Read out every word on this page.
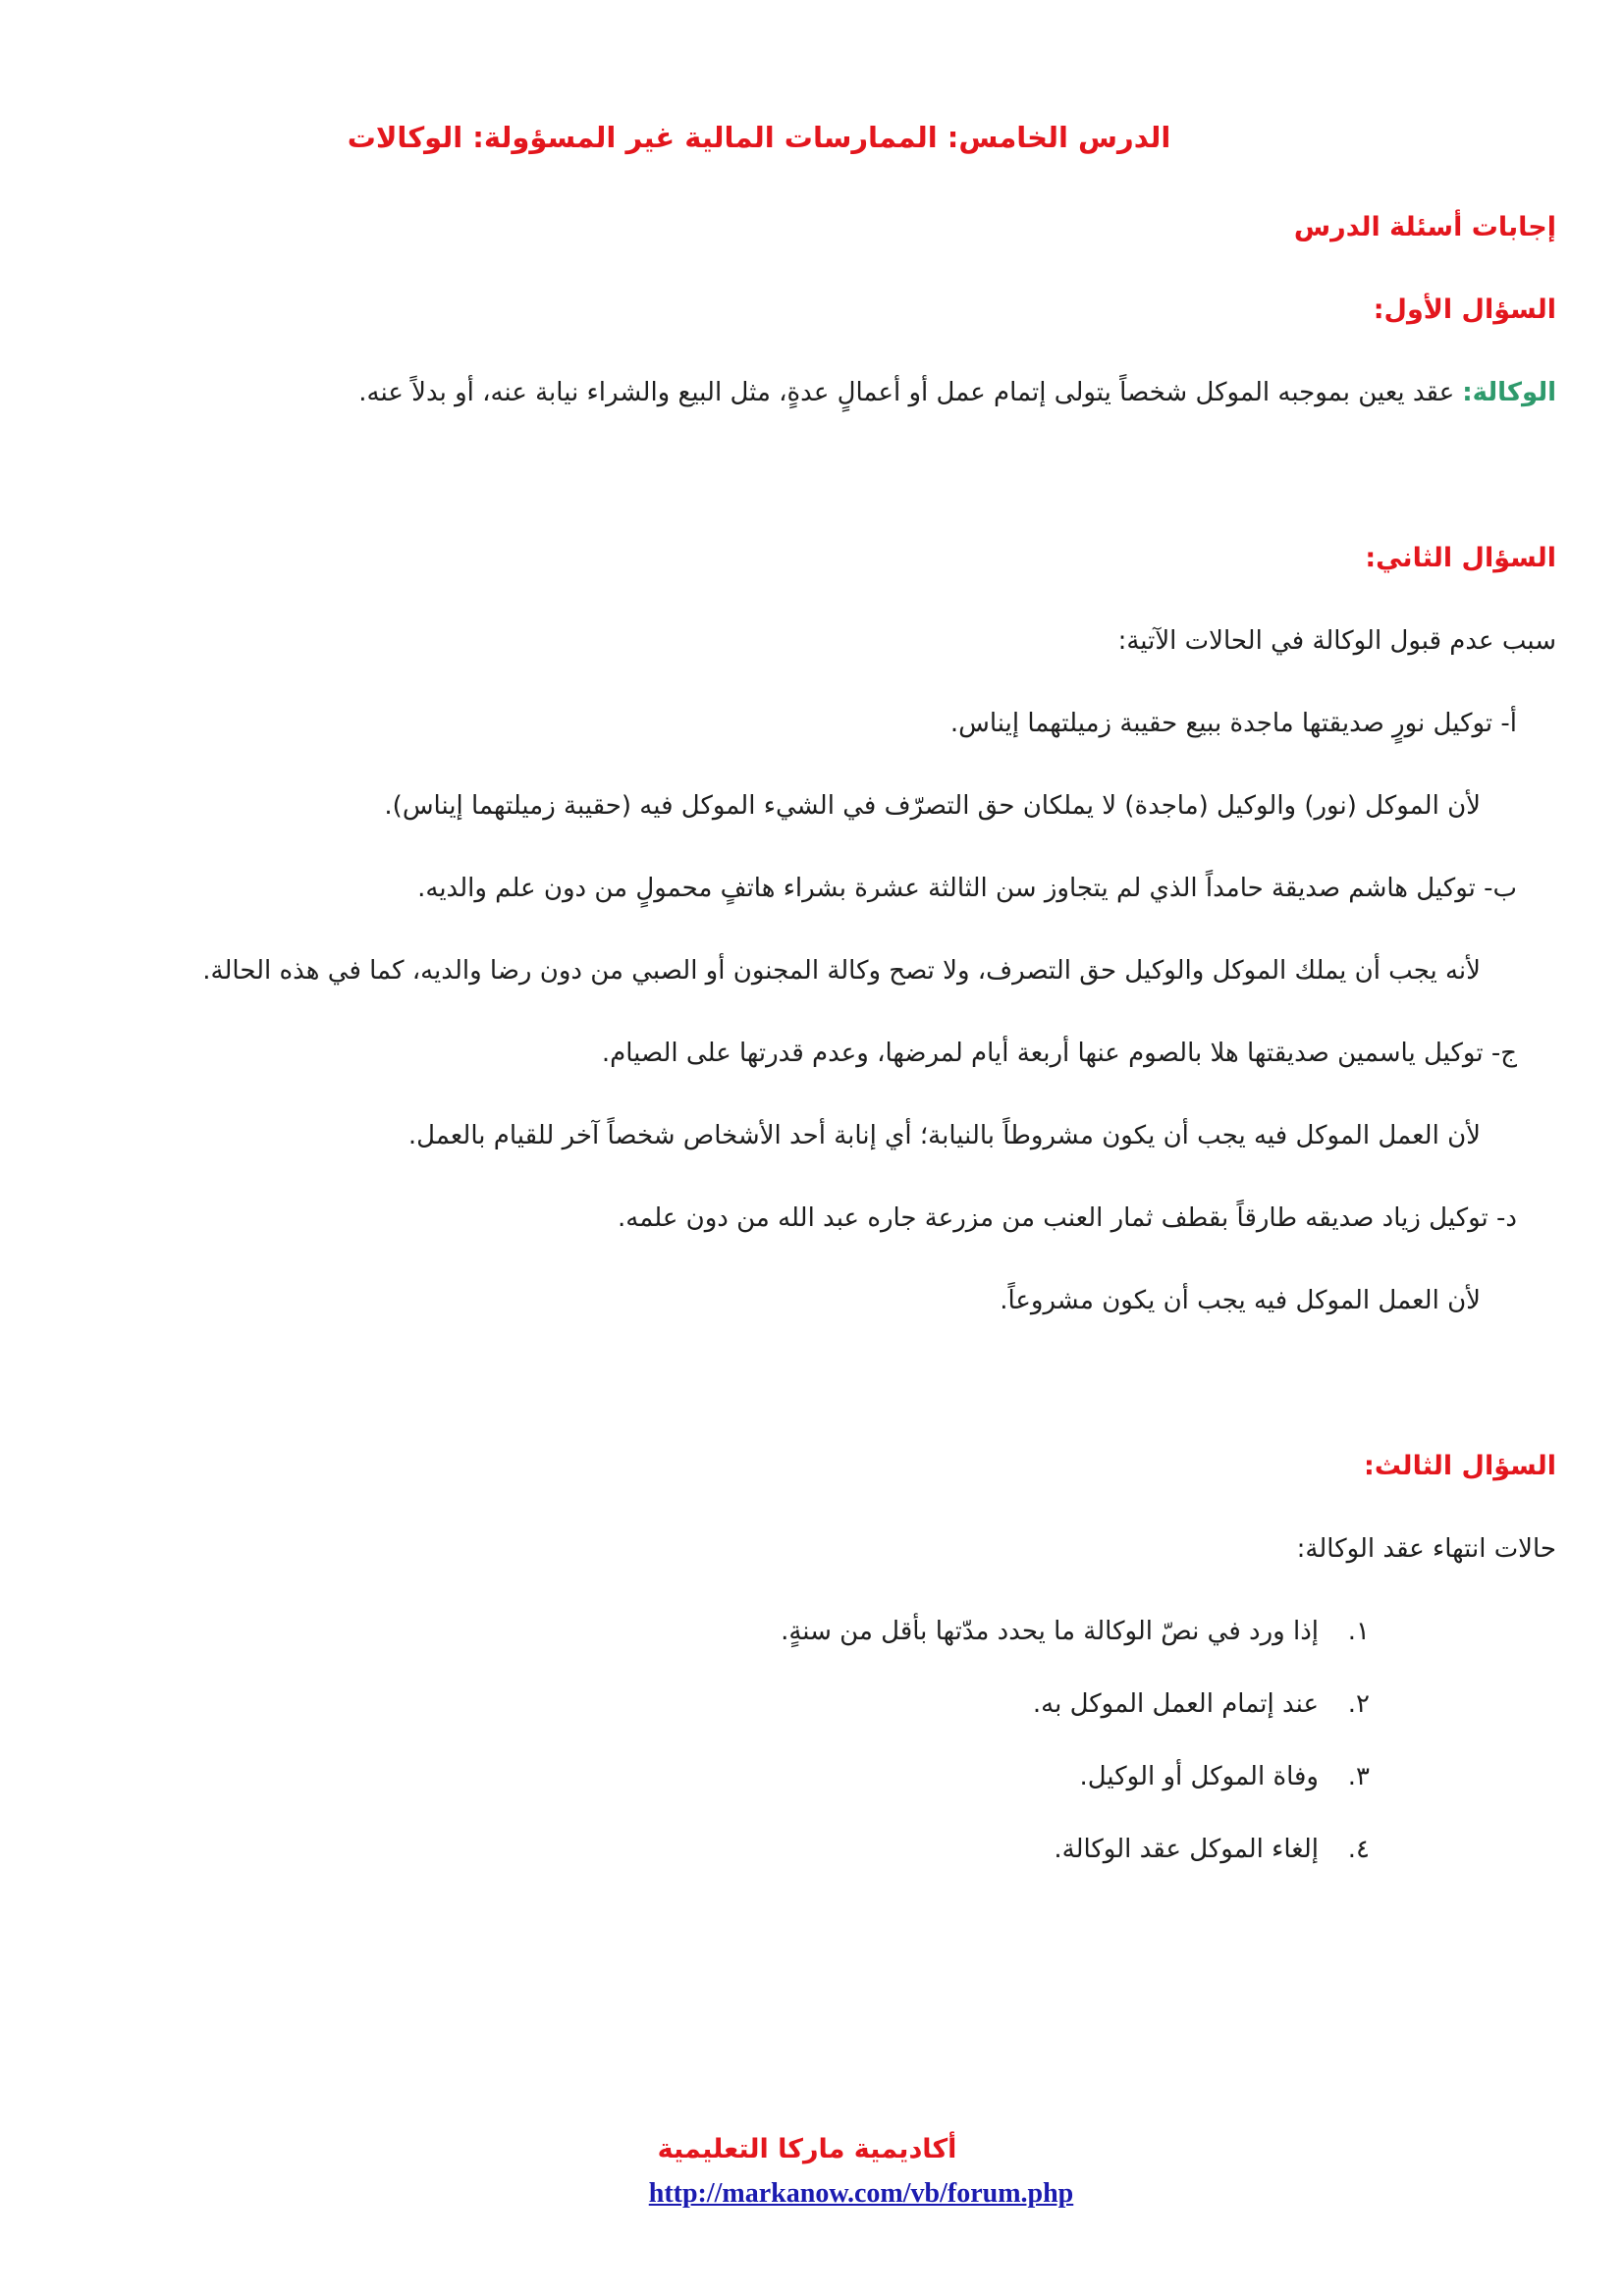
الدرس الخامس: الممارسات المالية غير المسؤولة: الوكالات
إجابات أسئلة الدرس
السؤال الأول:

الوكالة:عقد يعين بموجبه الموكل شخصاً يتولى إتمام عمل أو أعمالٍ عدةٍ، مثل البيع والشراء نيابة عنه، أو بدلاً عنه.

السؤال الثاني:

سبب عدم قبول الوكالة في الحالات الآتية:

أ- توكيل نورٍ صديقتها ماجدة ببيع حقيبة زميلتهما إيناس.

لأن الموكل (نور) والوكيل (ماجدة) لا يملكان حق التصرّف في الشيء الموكل فيه (حقيبة زميلتهما إيناس).

ب- توكيل هاشم صديقة حامداً الذي لم يتجاوز سن الثالثة عشرة بشراء هاتفٍ محمولٍ من دون علم والديه.

لأنه يجب أن يملك الموكل والوكيل حق التصرف، ولا تصح وكالة المجنون أو الصبي من دون رضا والديه، كما في هذه الحالة.

ج- توكيل ياسمين صديقتها هلا بالصوم عنها أربعة أيام لمرضها، وعدم قدرتها على الصيام.

لأن العمل الموكل فيه يجب أن يكون مشروطاً بالنيابة؛ أي إنابة أحد الأشخاص شخصاً آخر للقيام بالعمل.

د- توكيل زياد صديقه طارقاً بقطف ثمار العنب من مزرعة جاره عبد الله من دون علمه.

لأن العمل الموكل فيه يجب أن يكون مشروعاً.

السؤال الثالث:

حالات انتهاء عقد الوكالة:

١.إذا ورد في نصّ الوكالة ما يحدد مدّتها بأقل من سنةٍ.
٢.عند إتمام العمل الموكل به.
٣.وفاة الموكل أو الوكيل.
٤.إلغاء الموكل عقد الوكالة.
أكاديمية ماركا التعليمية
http://markanow.com/vb/forum.php
